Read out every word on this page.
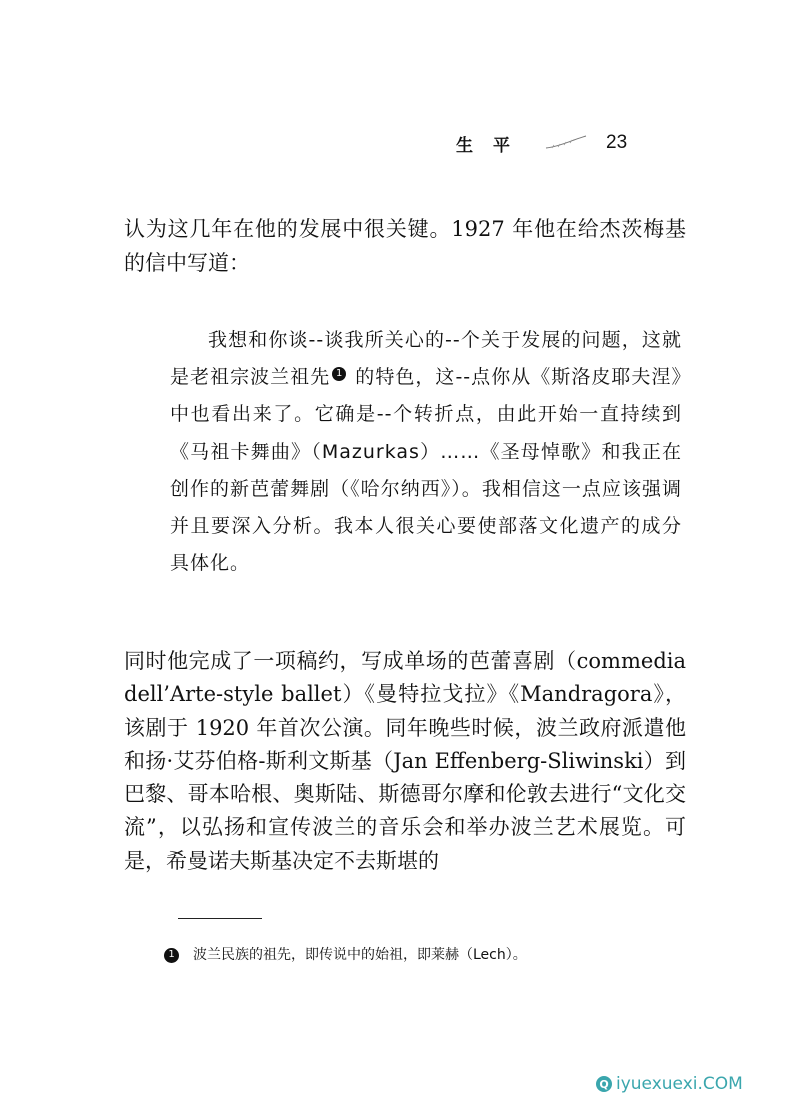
生平	23

认为这几年在他的发展中很关键。1927 年他在给杰茨梅基的信中写道：

我想和你谈--谈我所关心的--个关于发展的问题，这就是老祖宗波兰祖先 1 的特色，这--点你从《斯洛皮耶夫涅》中也看出来了。它确是--个转折点，由此开始一直持续到《马祖卡舞曲》（Mazurkas）……《圣母悼歌》和我正在创作的新芭蕾舞剧（《哈尔纳西》）。我相信这一点应该强调并且要深入分析。我本人很关心要使部落文化遗产的成分具体化。

同时他完成了一项稿约，写成单场的芭蕾喜剧（commedia dell’Arte-style ballet）《曼特拉戈拉》《Mandragora》，该剧于 1920 年首次公演。同年晚些时候，波兰政府派遣他和扬·艾芬伯格-斯利文斯基（Jan Effenberg-Sliwinski）到巴黎、哥本哈根、奥斯陆、斯德哥尔摩和伦敦去进行“文化交流”，以弘扬和宣传波兰的音乐会和举办波兰艺术展览。可是，希曼诺夫斯基决定不去斯堪的

1	波兰民族的祖先，即传说中的始祖，即莱赫（Lech）。
Q iyuexuexi.COM
